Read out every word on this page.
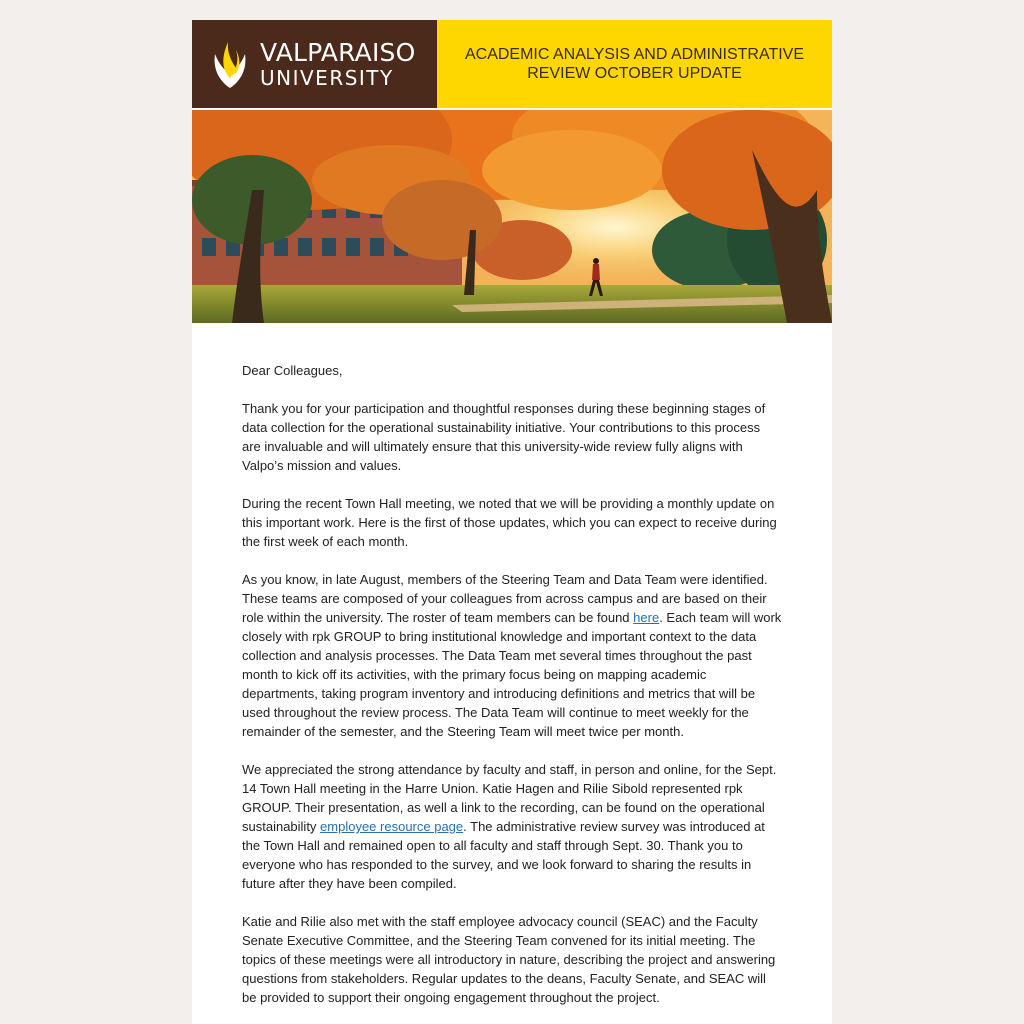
VALPARAISO
UNIVERSITY
ACADEMIC ANALYSIS AND ADMINISTRATIVE REVIEW OCTOBER UPDATE

Dear Colleagues,

Thank you for your participation and thoughtful responses during these beginning stages of data collection for the operational sustainability initiative. Your contributions to this process are invaluable and will ultimately ensure that this university-wide review fully aligns with Valpo’s mission and values.

During the recent Town Hall meeting, we noted that we will be providing a monthly update on this important work. Here is the first of those updates, which you can expect to receive during the first week of each month.

As you know, in late August, members of the Steering Team and Data Team were identified. These teams are composed of your colleagues from across campus and are based on their role within the university. The roster of team members can be found here. Each team will work closely with rpk GROUP to bring institutional knowledge and important context to the data collection and analysis processes. The Data Team met several times throughout the past month to kick off its activities, with the primary focus being on mapping academic departments, taking program inventory and introducing definitions and metrics that will be used throughout the review process. The Data Team will continue to meet weekly for the remainder of the semester, and the Steering Team will meet twice per month.

We appreciated the strong attendance by faculty and staff, in person and online, for the Sept. 14 Town Hall meeting in the Harre Union. Katie Hagen and Rilie Sibold represented rpk GROUP. Their presentation, as well a link to the recording, can be found on the operational sustainability employee resource page. The administrative review survey was introduced at the Town Hall and remained open to all faculty and staff through Sept. 30. Thank you to everyone who has responded to the survey, and we look forward to sharing the results in future after they have been compiled.

Katie and Rilie also met with the staff employee advocacy council (SEAC) and the Faculty Senate Executive Committee, and the Steering Team convened for its initial meeting. The topics of these meetings were all introductory in nature, describing the project and answering questions from stakeholders. Regular updates to the deans, Faculty Senate, and SEAC will be provided to support their ongoing engagement throughout the project.
